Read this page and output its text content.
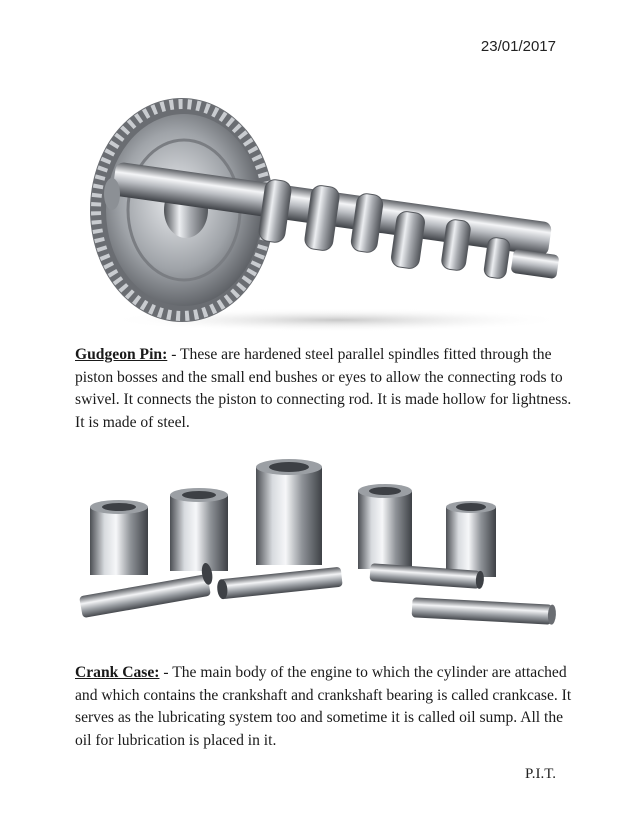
23/01/2017

Gudgeon Pin: - These are hardened steel parallel spindles fitted through the piston bosses and the small end bushes or eyes to allow the connecting rods to swivel. It connects the piston to connecting rod. It is made hollow for lightness. It is made of steel.

Crank Case: - The main body of the engine to which the cylinder are attached and which contains the crankshaft and crankshaft bearing is called crankcase. It serves as the lubricating system too and sometime it is called oil sump. All the oil for lubrication is placed in it.

P.I.T.
